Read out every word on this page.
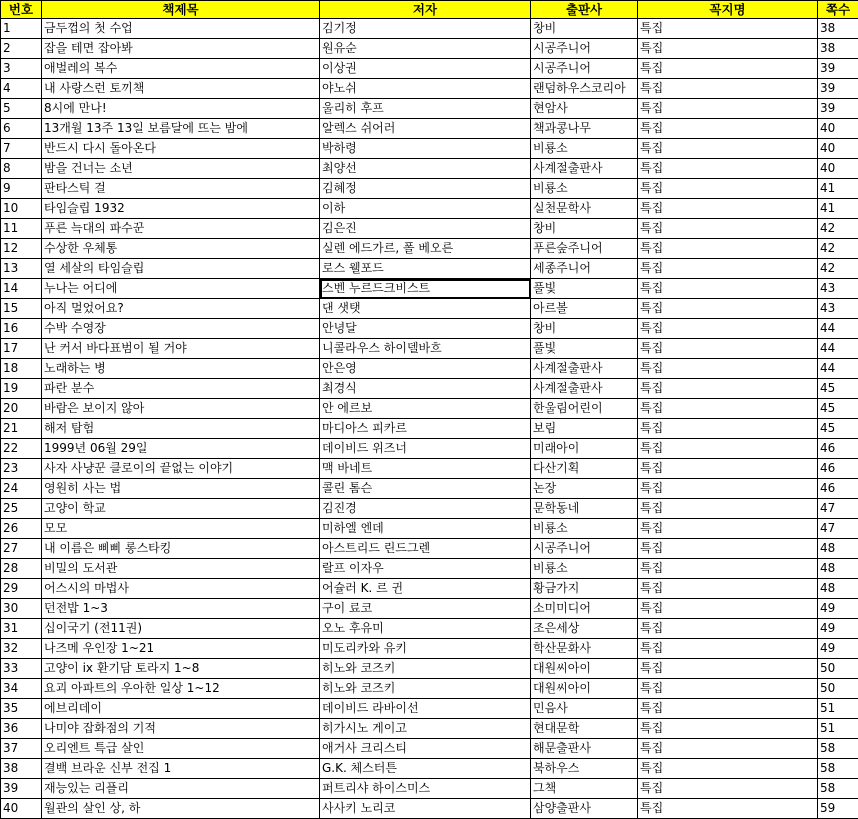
번호	책제목	저자	출판사	꼭지명	쪽수
1	금두껍의 첫 수업	김기정	창비	특집	38
2	잡을 테면 잡아봐	원유순	시공주니어	특집	38
3	애벌레의 복수	이상권	시공주니어	특집	39
4	내 사랑스런 토끼책	야노쉬	랜덤하우스코리아	특집	39
5	8시에 만나!	울리히 후프	현암사	특집	39
6	13개월 13주 13일 보름달에 뜨는 밤에	알렉스 쉬어러	책과콩나무	특집	40
7	반드시 다시 돌아온다	박하령	비룡소	특집	40
8	밤을 건너는 소년	최양선	사계절출판사	특집	40
9	판타스틱 걸	김혜정	비룡소	특집	41
10	타임슬립 1932	이하	실천문학사	특집	41
11	푸른 늑대의 파수꾼	김은진	창비	특집	42
12	수상한 우체통	실렌 에드가르, 폴 베오른	푸른숲주니어	특집	42
13	열 세살의 타임슬립	로스 웰포드	세종주니어	특집	42
14	누나는 어디에	스벤 누르드크비스트	풀빛	특집	43
15	아직 멀었어요?	댄 샛탯	아르볼	특집	43
16	수박 수영장	안녕달	창비	특집	44
17	난 커서 바다표범이 될 거야	니콜라우스 하이델바흐	풀빛	특집	44
18	노래하는 병	안은영	사계절출판사	특집	44
19	파란 분수	최경식	사계절출판사	특집	45
20	바람은 보이지 않아	안 에르보	한울림어린이	특집	45
21	해저 탐험	마디아스 피카르	보림	특집	45
22	1999년 06월 29일	데이비드 위즈너	미래아이	특집	46
23	사자 사냥꾼 클로이의 끝없는 이야기	맥 바네트	다산기획	특집	46
24	영원히 사는 법	콜린 톰슨	논장	특집	46
25	고양이 학교	김진경	문학동네	특집	47
26	모모	미하엘 엔데	비룡소	특집	47
27	내 이름은 삐삐 롱스타킹	아스트리드 린드그렌	시공주니어	특집	48
28	비밀의 도서관	랄프 이자우	비룡소	특집	48
29	어스시의 마법사	어슐러 K. 르 귄	황금가지	특집	48
30	던전밥 1~3	구이 료코	소미미디어	특집	49
31	십이국기 (전11권)	오노 후유미	조은세상	특집	49
32	나즈메 우인장 1~21	미도리카와 유키	학산문화사	특집	49
33	고양이 ix 환기담 토라지 1~8	히노와 코즈키	대원씨아이	특집	50
34	요괴 아파트의 우아한 일상 1~12	히노와 코즈키	대원씨아이	특집	50
35	에브리데이	데이비드 라바이선	민음사	특집	51
36	나미야 잡화점의 기적	히가시노 게이고	현대문학	특집	51
37	오리엔트 특급 살인	애거사 크리스티	해문출판사	특집	58
38	결백 브라운 신부 전집 1	G.K. 체스터튼	북하우스	특집	58
39	재능있는 리플리	퍼트리샤 하이스미스	그책	특집	58
40	월관의 살인 상, 하	사사키 노리코	삼양출판사	특집	59
